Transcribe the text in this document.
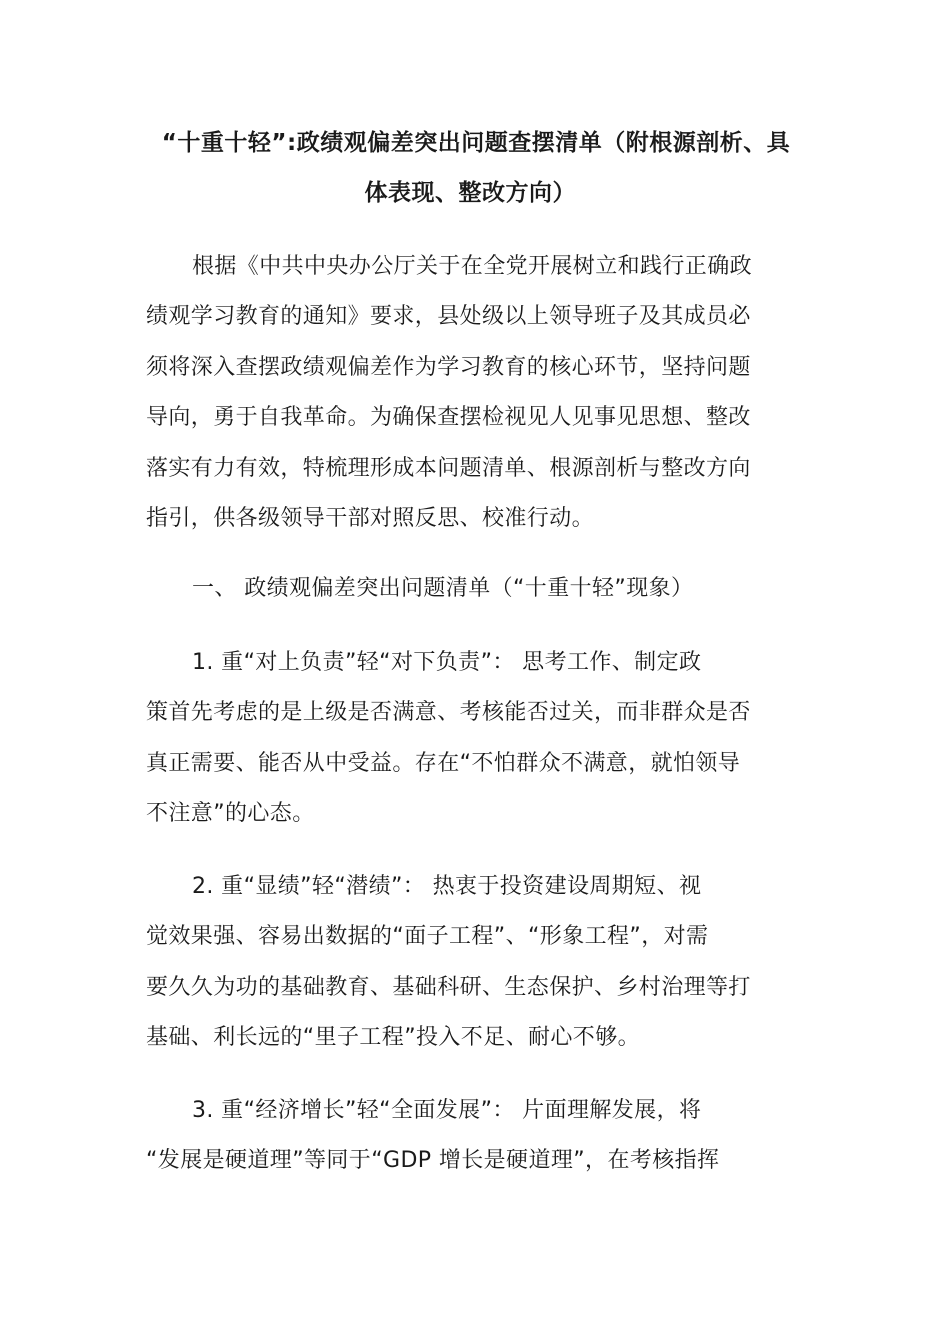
“十重十轻”:政绩观偏差突出问题查摆清单（附根源剖析、具
体表现、整改方向）
根据《中共中央办公厅关于在全党开展树立和践行正确政
绩观学习教育的通知》要求，县处级以上领导班子及其成员必
须将深入查摆政绩观偏差作为学习教育的核心环节，坚持问题
导向，勇于自我革命。为确保查摆检视见人见事见思想、整改
落实有力有效，特梳理形成本问题清单、根源剖析与整改方向
指引，供各级领导干部对照反思、校准行动。
一、 政绩观偏差突出问题清单（“十重十轻”现象）
1. 重“对上负责”轻“对下负责”： 思考工作、制定政
策首先考虑的是上级是否满意、考核能否过关，而非群众是否
真正需要、能否从中受益。存在“不怕群众不满意，就怕领导
不注意”的心态。
2. 重“显绩”轻“潜绩”： 热衷于投资建设周期短、视
觉效果强、容易出数据的“面子工程”、“形象工程”，对需
要久久为功的基础教育、基础科研、生态保护、乡村治理等打
基础、利长远的“里子工程”投入不足、耐心不够。
3. 重“经济增长”轻“全面发展”： 片面理解发展，将
“发展是硬道理”等同于“GDP 增长是硬道理”，在考核指挥
